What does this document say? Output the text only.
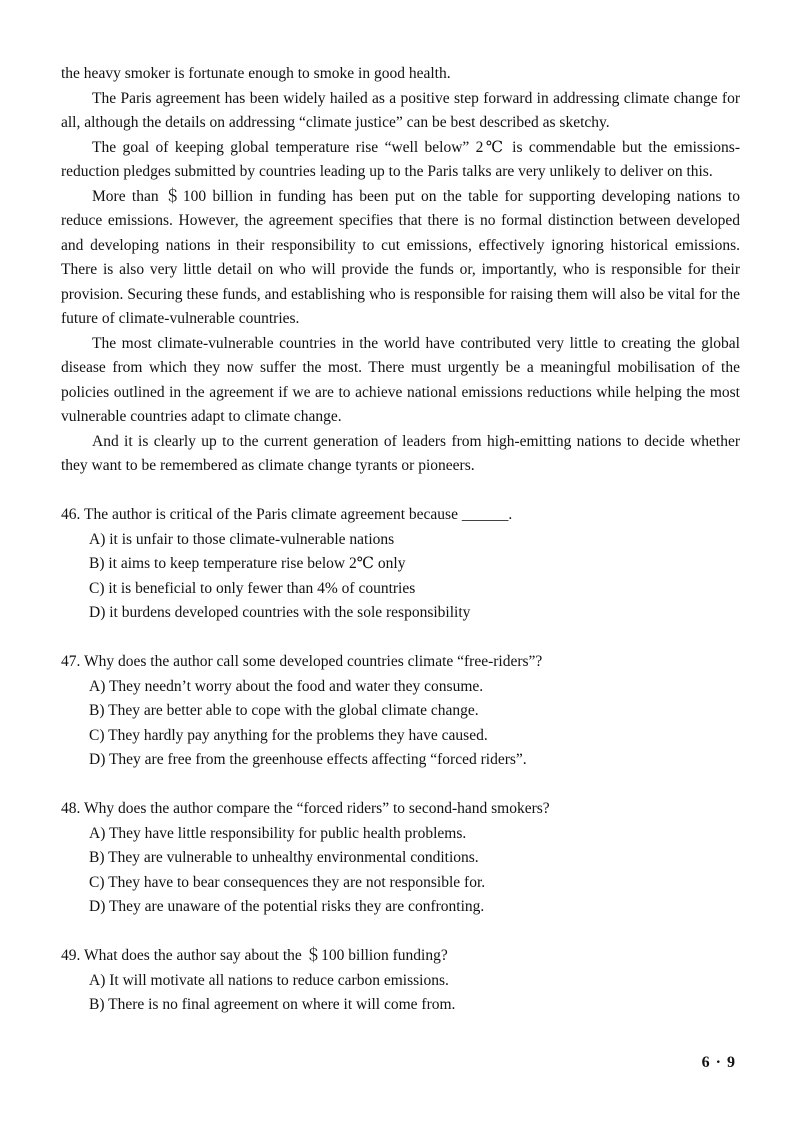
the heavy smoker is fortunate enough to smoke in good health.

The Paris agreement has been widely hailed as a positive step forward in addressing climate change for all, although the details on addressing “climate justice” can be best described as sketchy.

The goal of keeping global temperature rise “well below” 2℃ is commendable but the emissions-reduction pledges submitted by countries leading up to the Paris talks are very unlikely to deliver on this.

More than ＄100 billion in funding has been put on the table for supporting developing nations to reduce emissions. However, the agreement specifies that there is no formal distinction between developed and developing nations in their responsibility to cut emissions, effectively ignoring historical emissions. There is also very little detail on who will provide the funds or, importantly, who is responsible for their provision. Securing these funds, and establishing who is responsible for raising them will also be vital for the future of climate-vulnerable countries.

The most climate-vulnerable countries in the world have contributed very little to creating the global disease from which they now suffer the most. There must urgently be a meaningful mobilisation of the policies outlined in the agreement if we are to achieve national emissions reductions while helping the most vulnerable countries adapt to climate change.

And it is clearly up to the current generation of leaders from high-emitting nations to decide whether they want to be remembered as climate change tyrants or pioneers.

46. The author is critical of the Paris climate agreement because ______.

A) it is unfair to those climate-vulnerable nations

B) it aims to keep temperature rise below 2℃ only

C) it is beneficial to only fewer than 4% of countries

D) it burdens developed countries with the sole responsibility

47. Why does the author call some developed countries climate “free-riders”?

A) They needn’t worry about the food and water they consume.

B) They are better able to cope with the global climate change.

C) They hardly pay anything for the problems they have caused.

D) They are free from the greenhouse effects affecting “forced riders”.

48. Why does the author compare the “forced riders” to second-hand smokers?

A) They have little responsibility for public health problems.

B) They are vulnerable to unhealthy environmental conditions.

C) They have to bear consequences they are not responsible for.

D) They are unaware of the potential risks they are confronting.

49. What does the author say about the ＄100 billion funding?

A) It will motivate all nations to reduce carbon emissions.

B) There is no final agreement on where it will come from.

6 · 9
